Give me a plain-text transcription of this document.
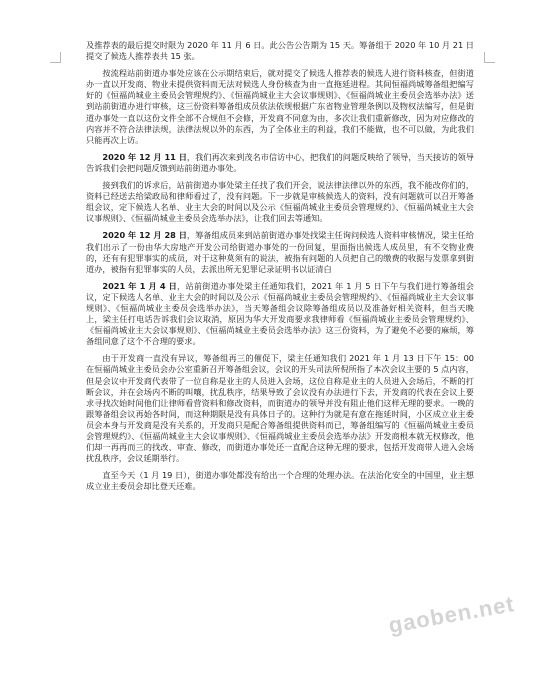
及推荐表的最后提交时限为 2020 年 11 月 6 日。此公告公告期为 15 天。筹备组于 2020 年 10 月 21 日提交了候选人推荐表共 15 张。

按流程站前街道办事处应该在公示期结束后，就对提交了候选人推荐表的候选人进行资料核查，但街道办一直以开发商、物业未提供资料而无法对候选人身份核查为由一直拖延进程。其间恒福尚城筹备组把编写好的《恒福尚城业主委员会管理规约》、《恒福尚城业主大会议事规则》、《恒福尚城业主委员会选举办法》送到站前街道办进行审核，这三份资料筹备组成员依法依规根据广东省物业管理条例以及物权法编写，但是街道办事处一直以这份文件全部不合规但不会修，开发商不同意为由，多次让我们重新修改，因为对应修改的内容并不符合法律法规，法律法规以外的东西，为了全体业主的利益，我们不能做，也不可以做，为此我们只能再次上访。

2020 年 12 月 11 日，我们再次来到茂名市信访中心，把我们的问题反映给了领导，当天接访的领导告诉我们会把问题反馈到站前街道办事处。

接到我们的诉求后，站前街道办事处梁主任找了我们开会，说法律法律以外的东西，我不能改你们的，资料已经送去给梁政局和律师看过了，没有问题。下一步就是审核候选人的资料，没有问题就可以召开筹备组会议，定下候选人名单、业主大会的时间以及公示《恒福尚城业主委员会管理规约》、《恒福尚城业主大会议事规则》、《恒福尚城业主委员会选举办法》，让我们回去等通知。

2020 年 12 月 28 日，筹备组成员来到站前街道办事处找梁主任询问候选人资料审核情况，梁主任给我们出示了一份由华大房地产开发公司给街道办事处的一份回复，里面指出候选人成员里，有不交物业费的，还有有犯罪事实的成员，对于这种莫须有的说法，被指有问题的人员把自己的缴费的收据与发票拿到街道办，被指有犯罪事实的人员，去派出所无犯罪记录证明书以证清白

2021 年 1 月 4 日，站前街道办事处梁主任通知我们，2021 年 1 月 5 日下午与我们进行筹备组会议，定下候选人名单、业主大会的时间以及公示《恒福尚城业主委员会管理规约》、《恒福尚城业主大会议事规则》、《恒福尚城业主委员会选举办法》，当天筹备组会议除筹备组成员以及准备好相关资料，但当天晚上，梁主任打电话告诉我们会议取消，原因为华大开发商要求我律师看《恒福尚城业主委员会管理规约》、《恒福尚城业主大会议事规则》、《恒福尚城业主委员会选举办法》这三份资料，为了避免不必要的麻烦，筹备组同意了这个不合理的要求。

由于开发商一直没有异议，筹备组再三的催促下，梁主任通知我们 2021 年 1 月 13 日下午 15：00 在恒福尚城业主委员会办公室重新召开筹备组会议，会议的开头司法所倪所指了本次会议主要的 5 点内容，但是会议中开发商代表带了一位自称是业主的人员进入会场，这位自称是业主的人员进入会场后，不断的打断会议，并在会场内不断的叫嚷，扰乱秩序，结果导致了会议没有办法进行下去，开发商的代表在会议上要求寻找次始时间他们让律师看营资料和修改资料，而街道办的领导并没有阻止他们这样无理的要求。一晚的跟筹备组会议再始各时间，而这种期限是没有具体日子的。这种行为就是有意在拖延时间，小区成立业主委员会本身与开发商是没有关系的，开发商只是配合筹备组提供资料而已，筹备组编写的《恒福尚城业主委员会管理规约》、《恒福尚城业主大会议事规则》、《恒福尚城业主委员会选举办法》开发商根本就无权修改，他们却一再再而三的找改、审查、修改，而街道办事处还一直配合这种无理的要求，包括开发商带人进入会场扰乱秩序，会议延期举行。

直至今天（1 月 19 日），街道办事处都没有给出一个合理的处理办法。在法治化安全的中国里，业主想成立业主委员会却比登天还难。

gaoben.net
